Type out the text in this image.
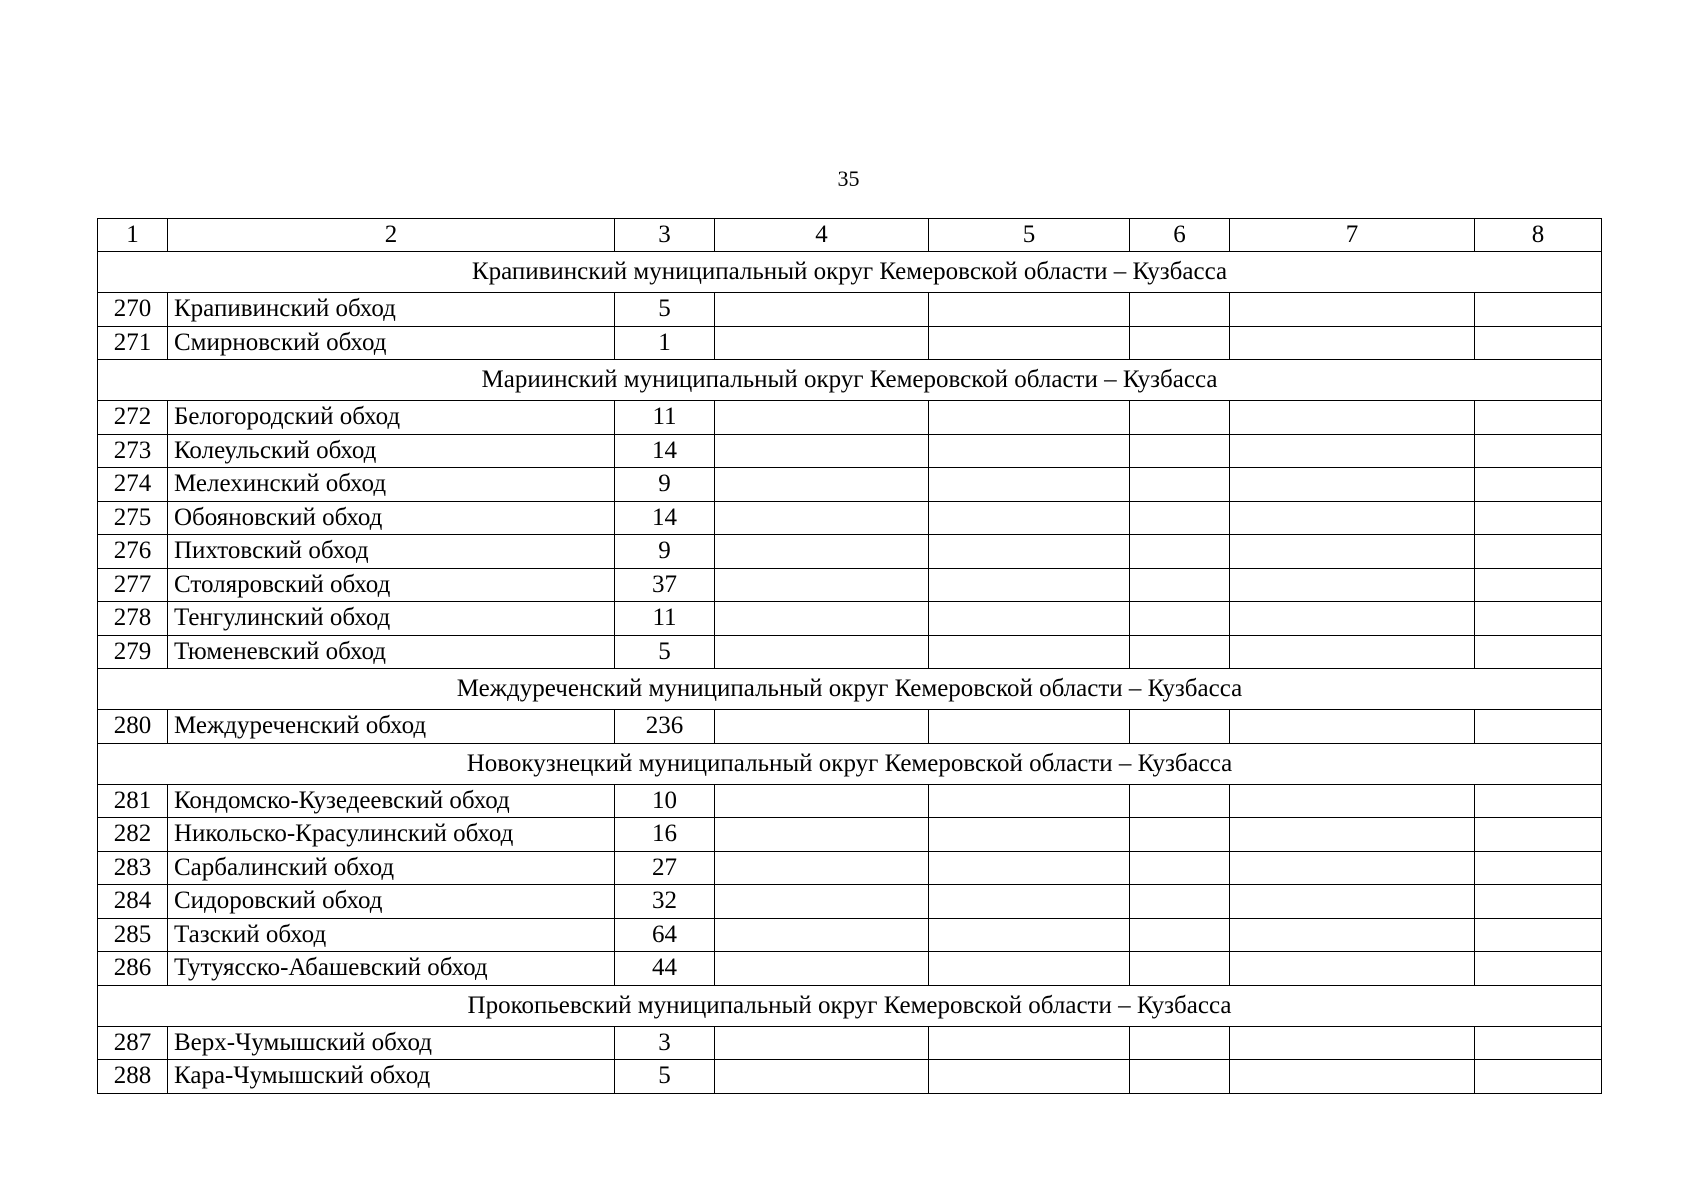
35
1	2	3	4	5	6	7	8
Крапивинский муниципальный округ Кемеровской области – Кузбасса							
270	Крапивинский обход	5					
271	Смирновский обход	1					
Мариинский муниципальный округ Кемеровской области – Кузбасса							
272	Белогородский обход	11					
273	Колеульский обход	14					
274	Мелехинский обход	9					
275	Обояновский обход	14					
276	Пихтовский обход	9					
277	Столяровский обход	37					
278	Тенгулинский обход	11					
279	Тюменевский обход	5					
Междуреченский муниципальный округ Кемеровской области – Кузбасса							
280	Междуреченский обход	236					
Новокузнецкий муниципальный округ Кемеровской области – Кузбасса							
281	Кондомско-Кузедеевский обход	10					
282	Никольско-Красулинский обход	16					
283	Сарбалинский обход	27					
284	Сидоровский обход	32					
285	Тазский обход	64					
286	Тутуясско-Абашевский обход	44					
Прокопьевский муниципальный округ Кемеровской области – Кузбасса							
287	Верх-Чумышский обход	3					
288	Кара-Чумышский обход	5					
